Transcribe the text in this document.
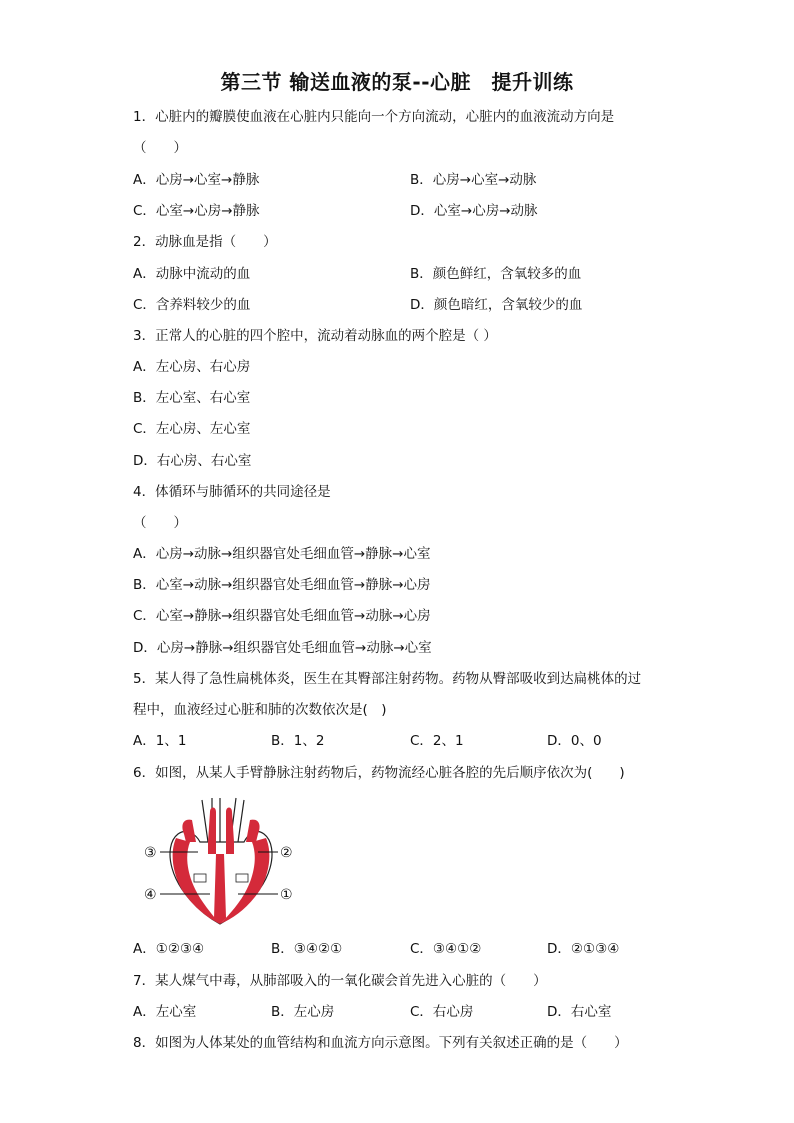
第三节 输送血液的泵--心脏　提升训练
1．心脏内的瓣膜使血液在心脏内只能向一个方向流动，心脏内的血液流动方向是
（　　）
A．心房→心室→静脉	B．心房→心室→动脉
C．心室→心房→静脉	D．心室→心房→动脉
2．动脉血是指（　　）
A．动脉中流动的血	B．颜色鲜红，含氧较多的血
C．含养料较少的血	D．颜色暗红，含氧较少的血
3．正常人的心脏的四个腔中，流动着动脉血的两个腔是（ ）
A．左心房、右心房
B．左心室、右心室
C．左心房、左心室
D．右心房、右心室
4．体循环与肺循环的共同途径是
（　　）
A．心房→动脉→组织器官处毛细血管→静脉→心室
B．心室→动脉→组织器官处毛细血管→静脉→心房
C．心室→静脉→组织器官处毛细血管→动脉→心房
D．心房→静脉→组织器官处毛细血管→动脉→心室
5．某人得了急性扁桃体炎，医生在其臀部注射药物。药物从臀部吸收到达扁桃体的过
程中，血液经过心脏和肺的次数依次是(　)
A．1、1	B．1、2	C．2、1	D．0、0
6．如图，从某人手臂静脉注射药物后，药物流经心脏各腔的先后顺序依次为(　　)
③	②
④	①
A．①②③④	B．③④②①	C．③④①②	D．②①③④
7．某人煤气中毒，从肺部吸入的一氧化碳会首先进入心脏的（　　）
A．左心室	B．左心房	C．右心房	D．右心室
8．如图为人体某处的血管结构和血流方向示意图。下列有关叙述正确的是（　　）
